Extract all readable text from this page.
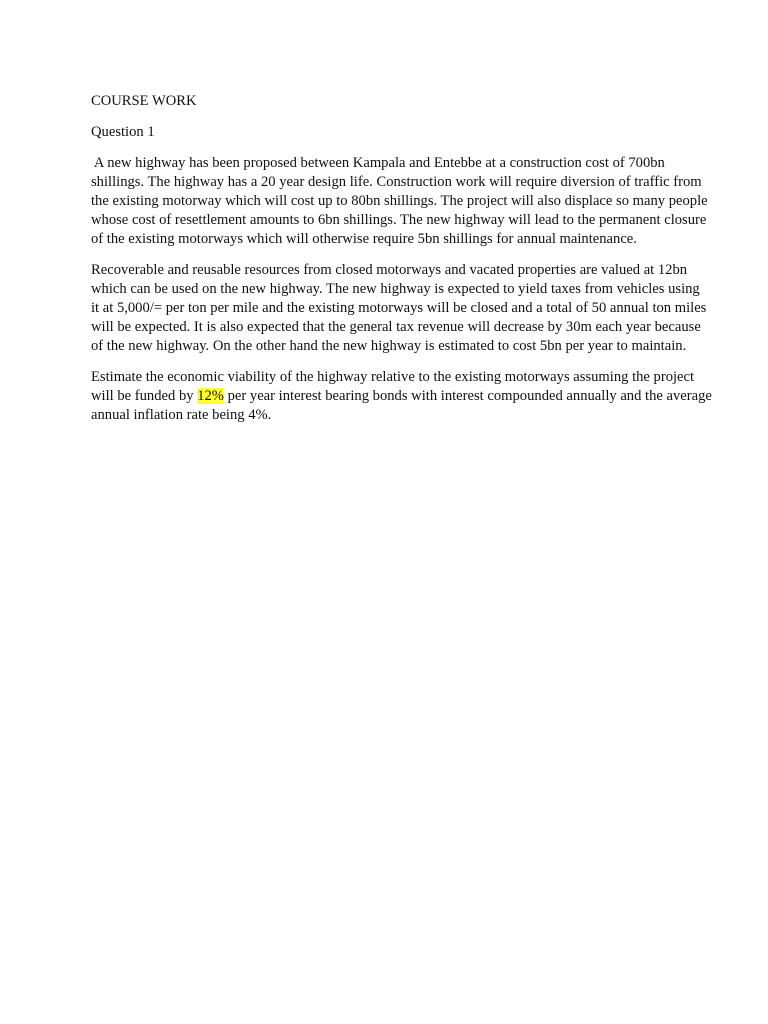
COURSE WORK
Question 1
A new highway has been proposed between Kampala and Entebbe at a construction cost of 700bn
shillings. The highway has a 20 year design life. Construction work will require diversion of traffic from
the existing motorway which will cost up to 80bn shillings. The project will also displace so many people
whose cost of resettlement amounts to 6bn shillings. The new highway will lead to the permanent closure
of the existing motorways which will otherwise require 5bn shillings for annual maintenance.
Recoverable and reusable resources from closed motorways and vacated properties are valued at 12bn
which can be used on the new highway. The new highway is expected to yield taxes from vehicles using
it at 5,000/= per ton per mile and the existing motorways will be closed and a total of 50 annual ton miles
will be expected. It is also expected that the general tax revenue will decrease by 30m each year because
of the new highway. On the other hand the new highway is estimated to cost 5bn per year to maintain.
Estimate the economic viability of the highway relative to the existing motorways assuming the project
will be funded by 12% per year interest bearing bonds with interest compounded annually and the average
annual inflation rate being 4%.
